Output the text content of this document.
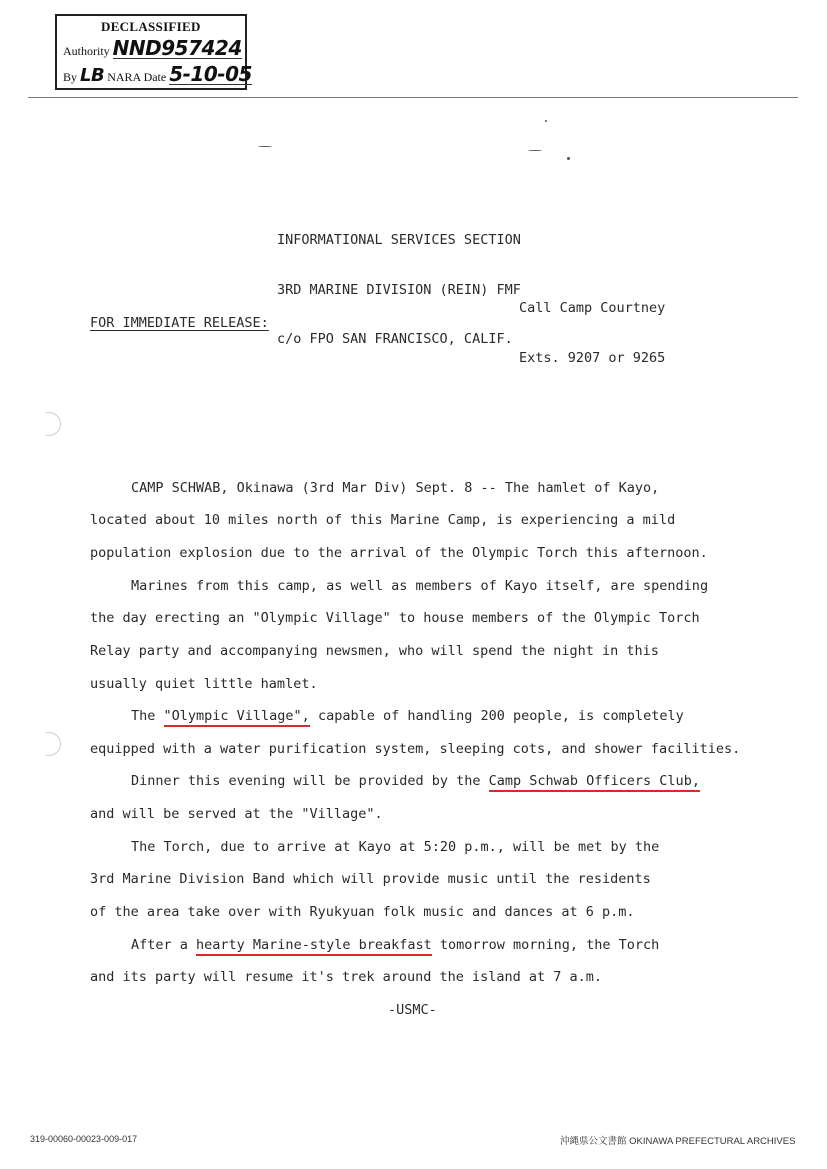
DECLASSIFIED
Authority NND957424
By LB NARA Date 5-10-05

INFORMATIONAL SERVICES SECTION

3RD MARINE DIVISION (REIN) FMF

c/o FPO SAN FRANCISCO, CALIF.

Call Camp Courtney

Exts. 9207 or 9265

FOR IMMEDIATE RELEASE:
CAMP SCHWAB, Okinawa (3rd Mar Div) Sept. 8 -- The hamlet of Kayo,
located about 10 miles north of this Marine Camp, is experiencing a mild
population explosion due to the arrival of the Olympic Torch this afternoon.
Marines from this camp, as well as members of Kayo itself, are spending
the day erecting an "Olympic Village" to house members of the Olympic Torch
Relay party and accompanying newsmen, who will spend the night in this
usually quiet little hamlet.
The "Olympic Village", capable of handling 200 people, is completely
equipped with a water purification system, sleeping cots, and shower facilities.
Dinner this evening will be provided by the Camp Schwab Officers Club,
and will be served at the "Village".
The Torch, due to arrive at Kayo at 5:20 p.m., will be met by the
3rd Marine Division Band which will provide music until the residents
of the area take over with Ryukyuan folk music and dances at 6 p.m.
After a hearty Marine-style breakfast tomorrow morning, the Torch
and its party will resume it's trek around the island at 7 a.m.
-USMC-
319-00060-00023-009-017	沖縄県公文書館 OKINAWA PREFECTURAL ARCHIVES
